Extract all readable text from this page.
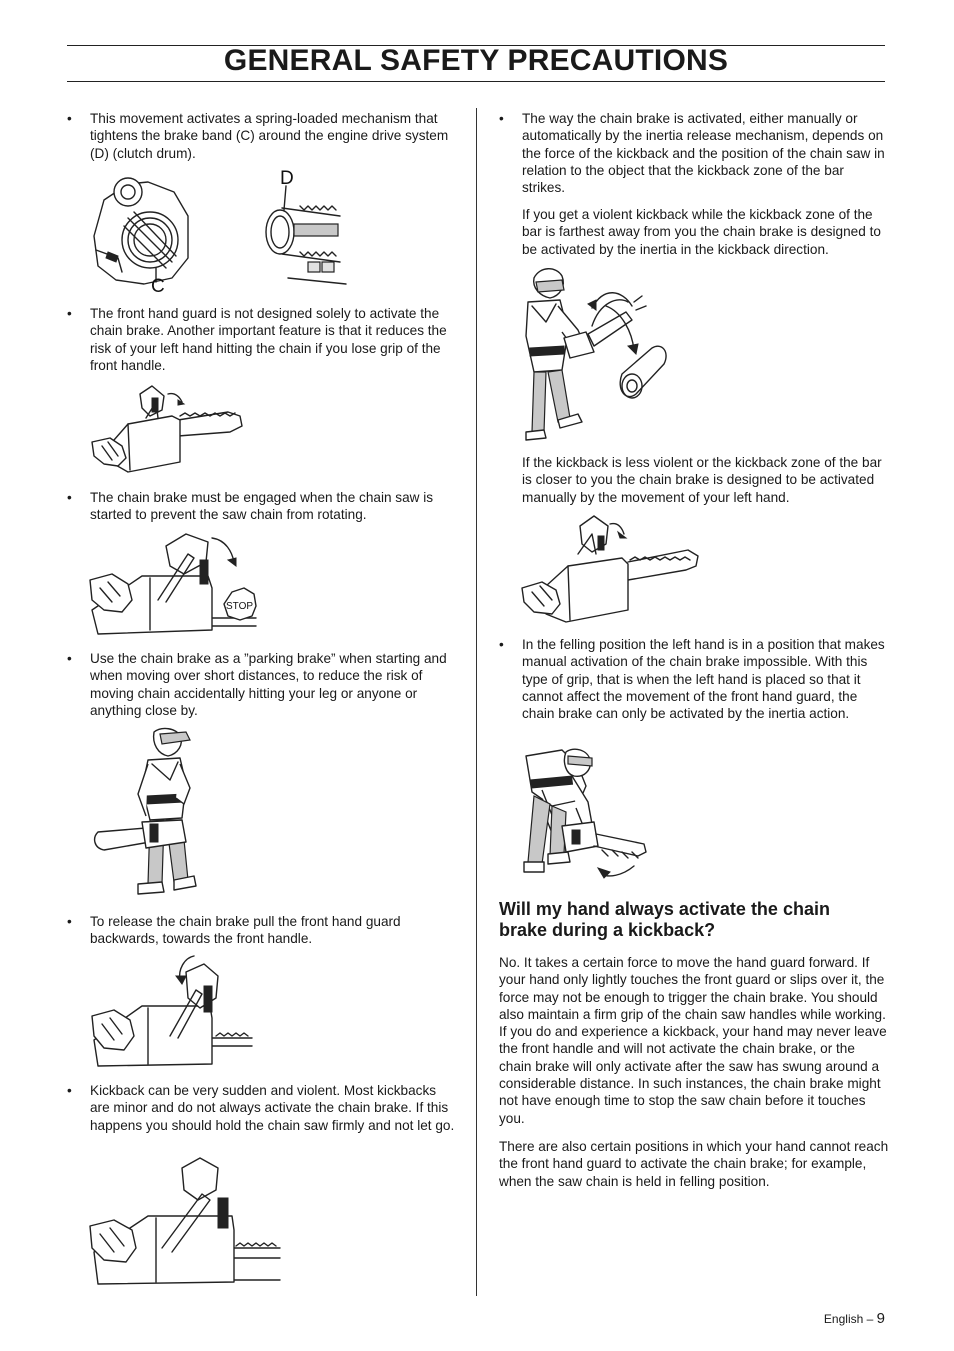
GENERAL SAFETY PRECAUTIONS
• This movement activates a spring-loaded mechanism that tightens the brake band (C) around the engine drive system (D) (clutch drum).
C
D
• The front hand guard is not designed solely to activate the chain brake. Another important feature is that it reduces the risk of your left hand hitting the chain if you lose grip of the front handle.
• The chain brake must be engaged when the chain saw is started to prevent the saw chain from rotating.
STOP
• Use the chain brake as a ”parking brake” when starting and when moving over short distances, to reduce the risk of moving chain accidentally hitting your leg or anyone or anything close by.
• To release the chain brake pull the front hand guard backwards, towards the front handle.
• Kickback can be very sudden and violent. Most kickbacks are minor and do not always activate the chain brake. If this happens you should hold the chain saw firmly and not let go.
• The way the chain brake is activated, either manually or automatically by the inertia release mechanism, depends on the force of the kickback and the position of the chain saw in relation to the object that the kickback zone of the bar strikes.
If you get a violent kickback while the kickback zone of the bar is farthest away from you the chain brake is designed to be activated by the inertia in the kickback direction.
If the kickback is less violent or the kickback zone of the bar is closer to you the chain brake is designed to be activated manually by the movement of your left hand.
• In the felling position the left hand is in a position that makes manual activation of the chain brake impossible. With this type of grip, that is when the left hand is placed so that it cannot affect the movement of the front hand guard, the chain brake can only be activated by the inertia action.
Will my hand always activate the chain brake during a kickback?
No. It takes a certain force to move the hand guard forward. If your hand only lightly touches the front guard or slips over it, the force may not be enough to trigger the chain brake. You should also maintain a firm grip of the chain saw handles while working. If you do and experience a kickback, your hand may never leave the front handle and will not activate the chain brake, or the chain brake will only activate after the saw has swung around a considerable distance. In such instances, the chain brake might not have enough time to stop the saw chain before it touches you.
There are also certain positions in which your hand cannot reach the front hand guard to activate the chain brake; for example, when the saw chain is held in felling position.
English – 9
